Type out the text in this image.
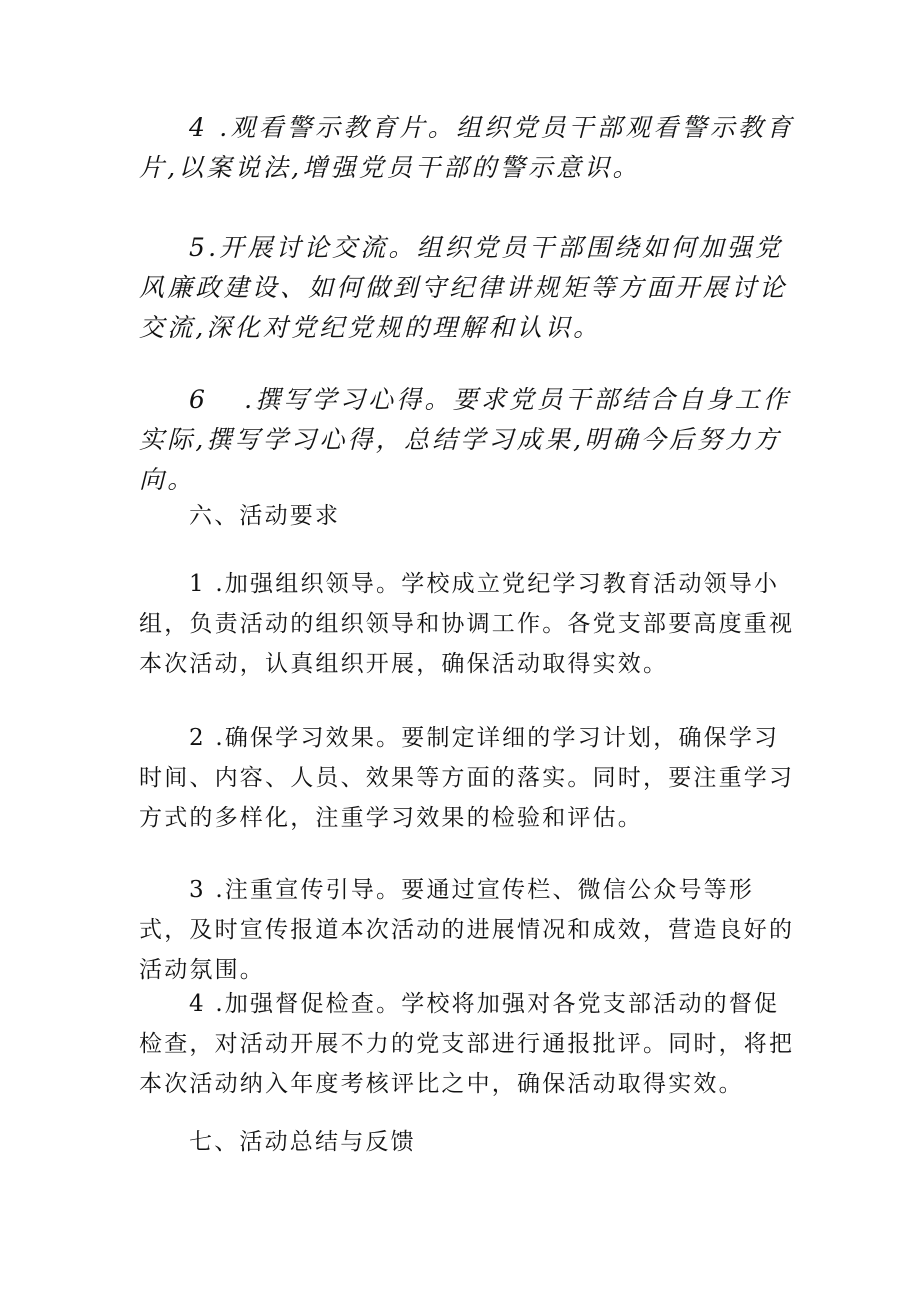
4 .观看警示教育片。组织党员干部观看警示教育片,以案说法,增强党员干部的警示意识。

5.开展讨论交流。组织党员干部围绕如何加强党风廉政建设、如何做到守纪律讲规矩等方面开展讨论交流,深化对党纪党规的理解和认识。

6 .撰写学习心得。要求党员干部结合自身工作实际,撰写学习心得，总结学习成果,明确今后努力方向。

六、活动要求

1 .加强组织领导。学校成立党纪学习教育活动领导小组，负责活动的组织领导和协调工作。各党支部要高度重视本次活动，认真组织开展，确保活动取得实效。

2 .确保学习效果。要制定详细的学习计划，确保学习时间、内容、人员、效果等方面的落实。同时，要注重学习方式的多样化，注重学习效果的检验和评估。

3 .注重宣传引导。要通过宣传栏、微信公众号等形式，及时宣传报道本次活动的进展情况和成效，营造良好的活动氛围。

4 .加强督促检查。学校将加强对各党支部活动的督促检查，对活动开展不力的党支部进行通报批评。同时，将把本次活动纳入年度考核评比之中，确保活动取得实效。

七、活动总结与反馈
